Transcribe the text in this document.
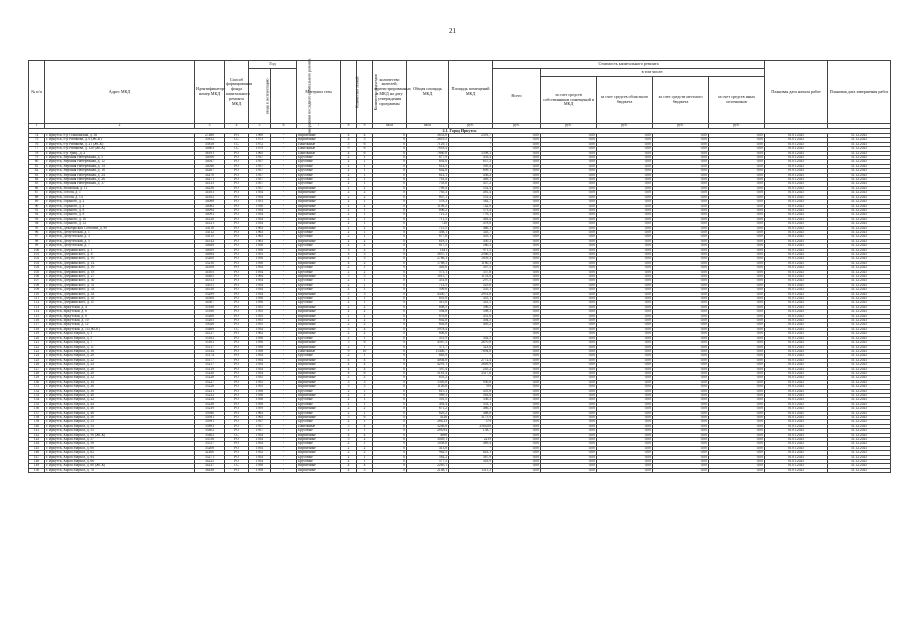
21
№ п/п	Адрес МКД	Идентификатор-номер МКД	Способ формирования фонда капитального ремонта МКД	Год		Материал стен	Количество этажей	Количество подъездов	количество жителей, зарегистрированных в МКД на дату утверждения программы	Общая площадь МКД	Площадь помещений МКД	Стоимость капитального ремонта					Плановая дата начала работ	Плановая дата завершения работ
				ввода в эксплуатацию	завершения последнего капитального ремонта							Всего	в том числе:					
													за счет средств собственников помещений в МКД	за счет средств областного бюджета	за счет средств местного бюджета	за счет средств иных источников		
1	2	3	4	5	6	7	8	9	кв.м	кв.м	руб.	руб.	руб.	руб.	руб.	руб.		
2.1. Город Иркутск																		
74	г. Иркутск, б-р Ольшанская, д. 38	27480	РО	1969	-	Кирпичные	4	4	0	3653,8	2391,7	0,00	0,00	0,00	0,00	0,00	01.01.2025	31.12.2025
75	г. Иркутск, б-р Рябикова, д. 6 (ЖСК)	35812	СС	1973	-	Кирпичные	4	3	0	2819,5	-	0,00	0,00	0,00	0,00	0,00	01.01.2025	31.12.2025
76	г. Иркутск, б-р Рябикова, д. 21 (ЖСК)	33818	СС	1972	-	Панельные	5	6	0	7129,1	-	0,00	0,00	0,00	0,00	0,00	01.01.2025	31.12.2025
77	г. Иркутск, б-р Рябикова, д. 120 (ЖСК)	34603	СС	1979	-	Панельные	9	6	0	7818,4	-	0,00	0,00	0,00	0,00	0,00	01.01.2025	31.12.2025
78	г. Иркутск, б-р Уриц., д. 2	36191	РО	1965	-	Панельные	4	6	0	7860,8	5398,3	0,00	0,00	0,00	0,00	0,00	01.01.2025	31.12.2025
79	г. Иркутск, Верхняя Набережная, д. 5	34056	РО	1957	-	Брусовые	2	1	0	677,9	433,4	0,00	0,00	0,00	0,00	0,00	01.01.2025	31.12.2025
80	г. Иркутск, Верхняя Набережная, д. 12	34047	РО	1957	-	Брусовые	2	1	0	692,6	657,5	0,00	0,00	0,00	0,00	0,00	01.01.2025	31.12.2025
81	г. Иркутск, Верхняя Набережная, д. 14	34046	РО	1957	-	Брусовые	2	1	0	614,5	395,4	0,00	0,00	0,00	0,00	0,00	01.01.2025	31.12.2025
82	г. Иркутск, Верхняя Набережная, д. 16	34267	РО	1957	-	Брусовые	2	1	0	642,8	609,1	0,00	0,00	0,00	0,00	0,00	01.01.2025	31.12.2025
83	г. Иркутск, Верхняя Набережная, д. 24	34270	РО	1957	-	Брусовые	2	1	0	612,1	436,2	0,00	0,00	0,00	0,00	0,00	01.01.2025	31.12.2025
84	г. Иркутск, Верхняя Набережная, д. 26	34271	РО	1957	-	Брусовые	2	1	0	761,4	469,1	0,00	0,00	0,00	0,00	0,00	01.01.2025	31.12.2025
85	г. Иркутск, Верхняя Набережная, д. 37	34133	РО	1957	-	Брусовые	2	1	0	703,6	457,2	0,00	0,00	0,00	0,00	0,00	01.01.2025	31.12.2025
86	г. Иркутск, Волжская, д. 11	34256	РО	1957	-	Кирпичные	2	2	0	789,4	552,4	0,00	0,00	0,00	0,00	0,00	01.01.2025	31.12.2025
87	г. Иркутск, Гоголя, д. 1	34103	РО	1954	-	Кирпичные	2	2	0	765,3	481,4	0,00	0,00	0,00	0,00	0,00	01.01.2025	31.12.2025
88	г. Иркутск, Гоголя, д. 14	34102	РО	1954	-	Кирпичные	2	2	0	807,1	531,4	0,00	0,00	0,00	0,00	0,00	01.01.2025	31.12.2025
89	г. Иркутск, Горького, д. 2	34088	РО	1951	-	Кирпичные	2	1	0	578,3	382,7	0,00	0,00	0,00	0,00	0,00	01.01.2025	31.12.2025
90	г. Иркутск, Горького, д. 4	34082	РО	1950	-	Кирпичные	2	2	0	1109,2	742,9	0,00	0,00	0,00	0,00	0,00	01.01.2025	31.12.2025
91	г. Иркутск, Горького, д. 8	34094	РО	1954	-	Кирпичные	2	1	0	806,2	573,4	0,00	0,00	0,00	0,00	0,00	01.01.2025	31.12.2025
92	г. Иркутск, Горького, д. 8	34093	РО	1954	-	Кирпичные	2	1	0	721,2	776,1	0,00	0,00	0,00	0,00	0,00	01.01.2025	31.12.2025
93	г. Иркутск, Горького, д. 10	34120	РО	1954	-	Кирпичные	2	1	0	711,5	463,4	0,00	0,00	0,00	0,00	0,00	01.01.2025	31.12.2025
94	г. Иркутск, Горького, д. 12	34121	РО	1954	-	Кирпичные	2	1	0	728	478,8	0,00	0,00	0,00	0,00	0,00	01.01.2025	31.12.2025
95	г. Иркутск, Декабрьских Событий, д. 90	34110	РО	1963	-	Кирпичные	2	2	0	715,5	466,1	0,00	0,00	0,00	0,00	0,00	01.01.2025	31.12.2025
96	г. Иркутск, Депутатская, д. 1	34112	РО	1963	-	Брусовые	2	1	0	458,1	345,7	0,00	0,00	0,00	0,00	0,00	01.01.2025	31.12.2025
97	г. Иркутск, Депутатская, д. 3	34115	РО	1963	-	Брусовые	2	1	0	677,8	455,1	0,00	0,00	0,00	0,00	0,00	01.01.2025	31.12.2025
98	г. Иркутск, Депутатская, д. 5	34142	РО	1963	-	Кирпичные	2	2	0	618,5	450,3	0,00	0,00	0,00	0,00	0,00	01.01.2025	31.12.2025
99	г. Иркутск, Депутатская, д. 7	34649	РО	1958	-	Брусовые	2	2	0	817,5	560,3	0,00	0,00	0,00	0,00	0,00	01.01.2025	31.12.2025
100	г. Иркутск, Дзержинского, д. 1	34650	РО	1958	-	Кирпичные	3	2	0	1441	971,5	0,00	0,00	0,00	0,00	0,00	01.01.2025	31.12.2025
101	г. Иркутск, Дзержинского, д. 6	34694	РО	1953	-	Кирпичные	4	3	0	3857,1	2566,5	0,00	0,00	0,00	0,00	0,00	01.01.2025	31.12.2025
102	г. Иркутск, Дзержинского, д. 10	33200	РО	1956	-	Кирпичные	4	3	0	2786,3	1839,3	0,00	0,00	0,00	0,00	0,00	01.01.2025	31.12.2025
103	г. Иркутск, Дзержинского, д. 14	33210	РО	1956	-	Кирпичные	4	2	0	1788,3	1180,3	0,00	0,00	0,00	0,00	0,00	01.01.2025	31.12.2025
104	г. Иркутск, Дзержинского, д. 16	34108	РО	1954	-	Брусовые	2	1	0	449,6	307,5	0,00	0,00	0,00	0,00	0,00	01.01.2025	31.12.2025
105	г. Иркутск, Дзержинского, д. 18	34105	РО	1954	-	Брусовые	2	2	0	575,1	357,8	0,00	0,00	0,00	0,00	0,00	01.01.2025	31.12.2025
106	г. Иркутск, Дзержинского, д. 27	34405	РО	1964	-	Кирпичные	5	5	0	1815,7	1133,6	0,00	0,00	0,00	0,00	0,00	01.01.2025	31.12.2025
107	г. Иркутск, Дзержинского, д. 30	34313	РО	1954	-	Брусовые	2	1	0	451,8	297,5	0,00	0,00	0,00	0,00	0,00	01.01.2025	31.12.2025
108	г. Иркутск, Дзержинского, д. 31	34311	РО	1954	-	Брусовые	2	1	0	712,5	525,6	0,00	0,00	0,00	0,00	0,00	01.01.2025	31.12.2025
109	г. Иркутск, Дзержинского, д. 33	34310	РО	1954	-	Брусовые	2	1	0	509,6	335,1	0,00	0,00	0,00	0,00	0,00	01.01.2025	31.12.2025
110	г. Иркутск, Дзержинского, д. 43	33299	РО	1954	-	Кирпичные	5	3	0	4450,7	2951,6	0,00	0,00	0,00	0,00	0,00	01.01.2025	31.12.2025
111	г. Иркутск, Дзержинского, д. 45	34306	РО	1956	-	Брусовые	2	1	0	601,8	455,1	0,00	0,00	0,00	0,00	0,00	01.01.2025	31.12.2025
112	г. Иркутск, Дзержинского, д. 47	34307	РО	1956	-	Брусовые	2	1	0	415,6	341,5	0,00	0,00	0,00	0,00	0,00	01.01.2025	31.12.2025
113	г. Иркутск, Иркутская, д. 4	35188	РО	1955	-	Кирпичные	2	2	0	608,5	396,5	0,00	0,00	0,00	0,00	0,00	01.01.2025	31.12.2025
114	г. Иркутск, Иркутская, д. 6	35160	РО	1955	-	Кирпичные	2	2	0	594,8	398,3	0,00	0,00	0,00	0,00	0,00	01.01.2025	31.12.2025
115	г. Иркутск, Иркутская, д. 8	35208	РО	1955	-	Кирпичные	2	2	0	676,8	431,6	0,00	0,00	0,00	0,00	0,00	01.01.2025	31.12.2025
116	г. Иркутск, Иркутская, д. 10	35205	РО	1955	-	Кирпичные	2	2	0	602,8	404,5	0,00	0,00	0,00	0,00	0,00	01.01.2025	31.12.2025
117	г. Иркутск, Иркутская, д. 12	35026	РО	1955	-	Кирпичные	2	2	0	602,8	405,2	0,00	0,00	0,00	0,00	0,00	01.01.2025	31.12.2025
118	г. Иркутск, Иркутская, д. 14 (ЖСК)	33469	СС	1954	-	Кирпичные	5	4	0	5978,4	-	0,00	0,00	0,00	0,00	0,00	01.01.2025	31.12.2025
119	г. Иркутск, Карла Маркса, д. 1	34127	РО	1962	-	Кирпичные	2	2	0	606,6	-	0,00	0,00	0,00	0,00	0,00	01.01.2025	31.12.2025
120	г. Иркутск, Карла Маркса, д. 5	35162	РО	1956	-	Брусовые	2	1	0	451,9	302,5	0,00	0,00	0,00	0,00	0,00	01.01.2025	31.12.2025
121	г. Иркутск, Карла Маркса, д. 7	35163	РО	1956	-	Кирпичные	5	6	0	4567,3	2870,8	0,00	0,00	0,00	0,00	0,00	01.01.2025	31.12.2025
122	г. Иркутск, Карла Маркса, д. 11	35137	РО	1958	-	Кирпичные	2	1	0	371,7	323,8	0,00	0,00	0,00	0,00	0,00	01.01.2025	31.12.2025
123	г. Иркутск, Карла Маркса, д. 16	35144	РО	1958	-	Панельные	9	10	0	11446,7	7694,8	0,00	0,00	0,00	0,00	0,00	01.01.2025	31.12.2025
124	г. Иркутск, Карла Маркса, д. 20	35174	РО	1954	-	Брусовые	2	1	0	665,9	-	0,00	0,00	0,00	0,00	0,00	01.01.2025	31.12.2025
125	г. Иркутск, Карла Маркса, д. 22	35177	РО	1954	-	Кирпичные	4	4	0	4004,8	2772,4	0,00	0,00	0,00	0,00	0,00	01.01.2025	31.12.2025
126	г. Иркутск, Карла Маркса, д. 24	35217	РО	1954	-	Кирпичные	4	4	0	4291,1	2849,9	0,00	0,00	0,00	0,00	0,00	01.01.2025	31.12.2025
127	г. Иркутск, Карла Маркса, д. 26	35219	РО	1954	-	Кирпичные	4	4	0	397,4	245,2	0,00	0,00	0,00	0,00	0,00	01.01.2025	31.12.2025
128	г. Иркутск, Карла Маркса, д. 28	35220	РО	1954	-	Кирпичные	4	6	0	5161,4	3317,6	0,00	0,00	0,00	0,00	0,00	01.01.2025	31.12.2025
129	г. Иркутск, Карла Маркса, д. 32	35226	РО	1955	-	Кирпичные	2	2	0	655,2	-	0,00	0,00	0,00	0,00	0,00	01.01.2025	31.12.2025
130	г. Иркутск, Карла Маркса, д. 34	35227	РО	1955	-	Кирпичные	3	3	0	1305,8	930,6	0,00	0,00	0,00	0,00	0,00	01.01.2025	31.12.2025
131	г. Иркутск, Карла Маркса, д. 36	35228	РО	1955	-	Кирпичные	3	3	0	1126,8	709	0,00	0,00	0,00	0,00	0,00	01.01.2025	31.12.2025
132	г. Иркутск, Карла Маркса, д. 38	35231	РО	1956	-	Брусовые	2	1	0	615,3	455,8	0,00	0,00	0,00	0,00	0,00	01.01.2025	31.12.2025
133	г. Иркутск, Карла Маркса, д. 40	35232	РО	1956	-	Кирпичные	2	2	0	989,3	583,8	0,00	0,00	0,00	0,00	0,00	01.01.2025	31.12.2025
134	г. Иркутск, Карла Маркса, д. 42	35234	РО	1958	-	Брусовые	2	1	0	501,5	336,3	0,00	0,00	0,00	0,00	0,00	01.01.2025	31.12.2025
135	г. Иркутск, Карла Маркса, д. 44	35236	РО	1958	-	Брусовые	2	1	0	492,4	333,1	0,00	0,00	0,00	0,00	0,00	01.01.2025	31.12.2025
136	г. Иркутск, Карла Маркса, д. 46	35239	РО	1959	-	Кирпичные	2	2	0	671,2	466,3	0,00	0,00	0,00	0,00	0,00	01.01.2025	31.12.2025
137	г. Иркутск, Карла Маркса, д. 48	35940	РО	1963	-	Брусовые	2	1	0	629,2	468,8	0,00	0,00	0,00	0,00	0,00	01.01.2025	31.12.2025
138	г. Иркутск, Карла Маркса, д. 50	35941	РО	1963	-	Кирпичные	5	6	0	4126	3175,9	0,00	0,00	0,00	0,00	0,00	01.01.2025	31.12.2025
139	г. Иркутск, Карла Маркса, д. 53	35991	РО	1957	-	Брусовые	2	1	0	286,33	379	0,00	0,00	0,00	0,00	0,00	01.01.2025	31.12.2025
140	г. Иркутск, Карла Маркса, д. 54	35893	РО	1957	-	Панельные	5	4	0	3246,6	2584,08	0,00	0,00	0,00	0,00	0,00	01.01.2025	31.12.2025
141	г. Иркутск, Карла Маркса, д. 55	35402	РО	1957	-	Брусовые	2	1	0	286,94	138,7	0,00	0,00	0,00	0,00	0,00	01.01.2025	31.12.2025
142	г. Иркутск, Карла Маркса, д. 56 (ЖСК)	35402	СС	1954	-	Кирпичные	4	4	0	3698	-	0,00	0,00	0,00	0,00	0,00	01.01.2025	31.12.2025
143	г. Иркутск, Карла Маркса, д. 57	33516	РО	1954	-	Кирпичные	5	2	0	3049,1	2219	0,00	0,00	0,00	0,00	0,00	01.01.2025	31.12.2025
144	г. Иркутск, Карла Маркса, д. 58	33517	РО	1954	-	Брусовые	2	1	0	1058,6	489,4	0,00	0,00	0,00	0,00	0,00	01.01.2025	31.12.2025
145	г. Иркутск, Карла Маркса, д. 60	33208	РО	1954	-	Кирпичные	2	2	0	413,8	-	0,00	0,00	0,00	0,00	0,00	01.01.2025	31.12.2025
146	г. Иркутск, Карла Маркса, д. 62	32260	РО	1952	-	Кирпичные	2	2	0	982,5	643,1	0,00	0,00	0,00	0,00	0,00	01.01.2025	31.12.2025
147	г. Иркутск, Карла Маркса, д. 64	33271	РО	1954	-	Брусовые	2	1	0	582,2	387,9	0,00	0,00	0,00	0,00	0,00	01.01.2025	31.12.2025
148	г. Иркутск, Карла Маркса, д. 66	34225	РО	1954	-	Брусовые	2	1	0	577,5	343,9	0,00	0,00	0,00	0,00	0,00	01.01.2025	31.12.2025
149	г. Иркутск, Карла Маркса, д. 68 (ЖСК)	34237	СС	1958	-	Кирпичные	4	4	0	2265,1	-	0,00	0,00	0,00	0,00	0,00	01.01.2025	31.12.2025
150	г. Иркутск, Карла Маркса, д. 70	36436	РО	1958	-	Кирпичные	4	3	0	2148,1	1311,3	0,00	0,00	0,00	0,00	0,00	01.01.2025	31.12.2025
